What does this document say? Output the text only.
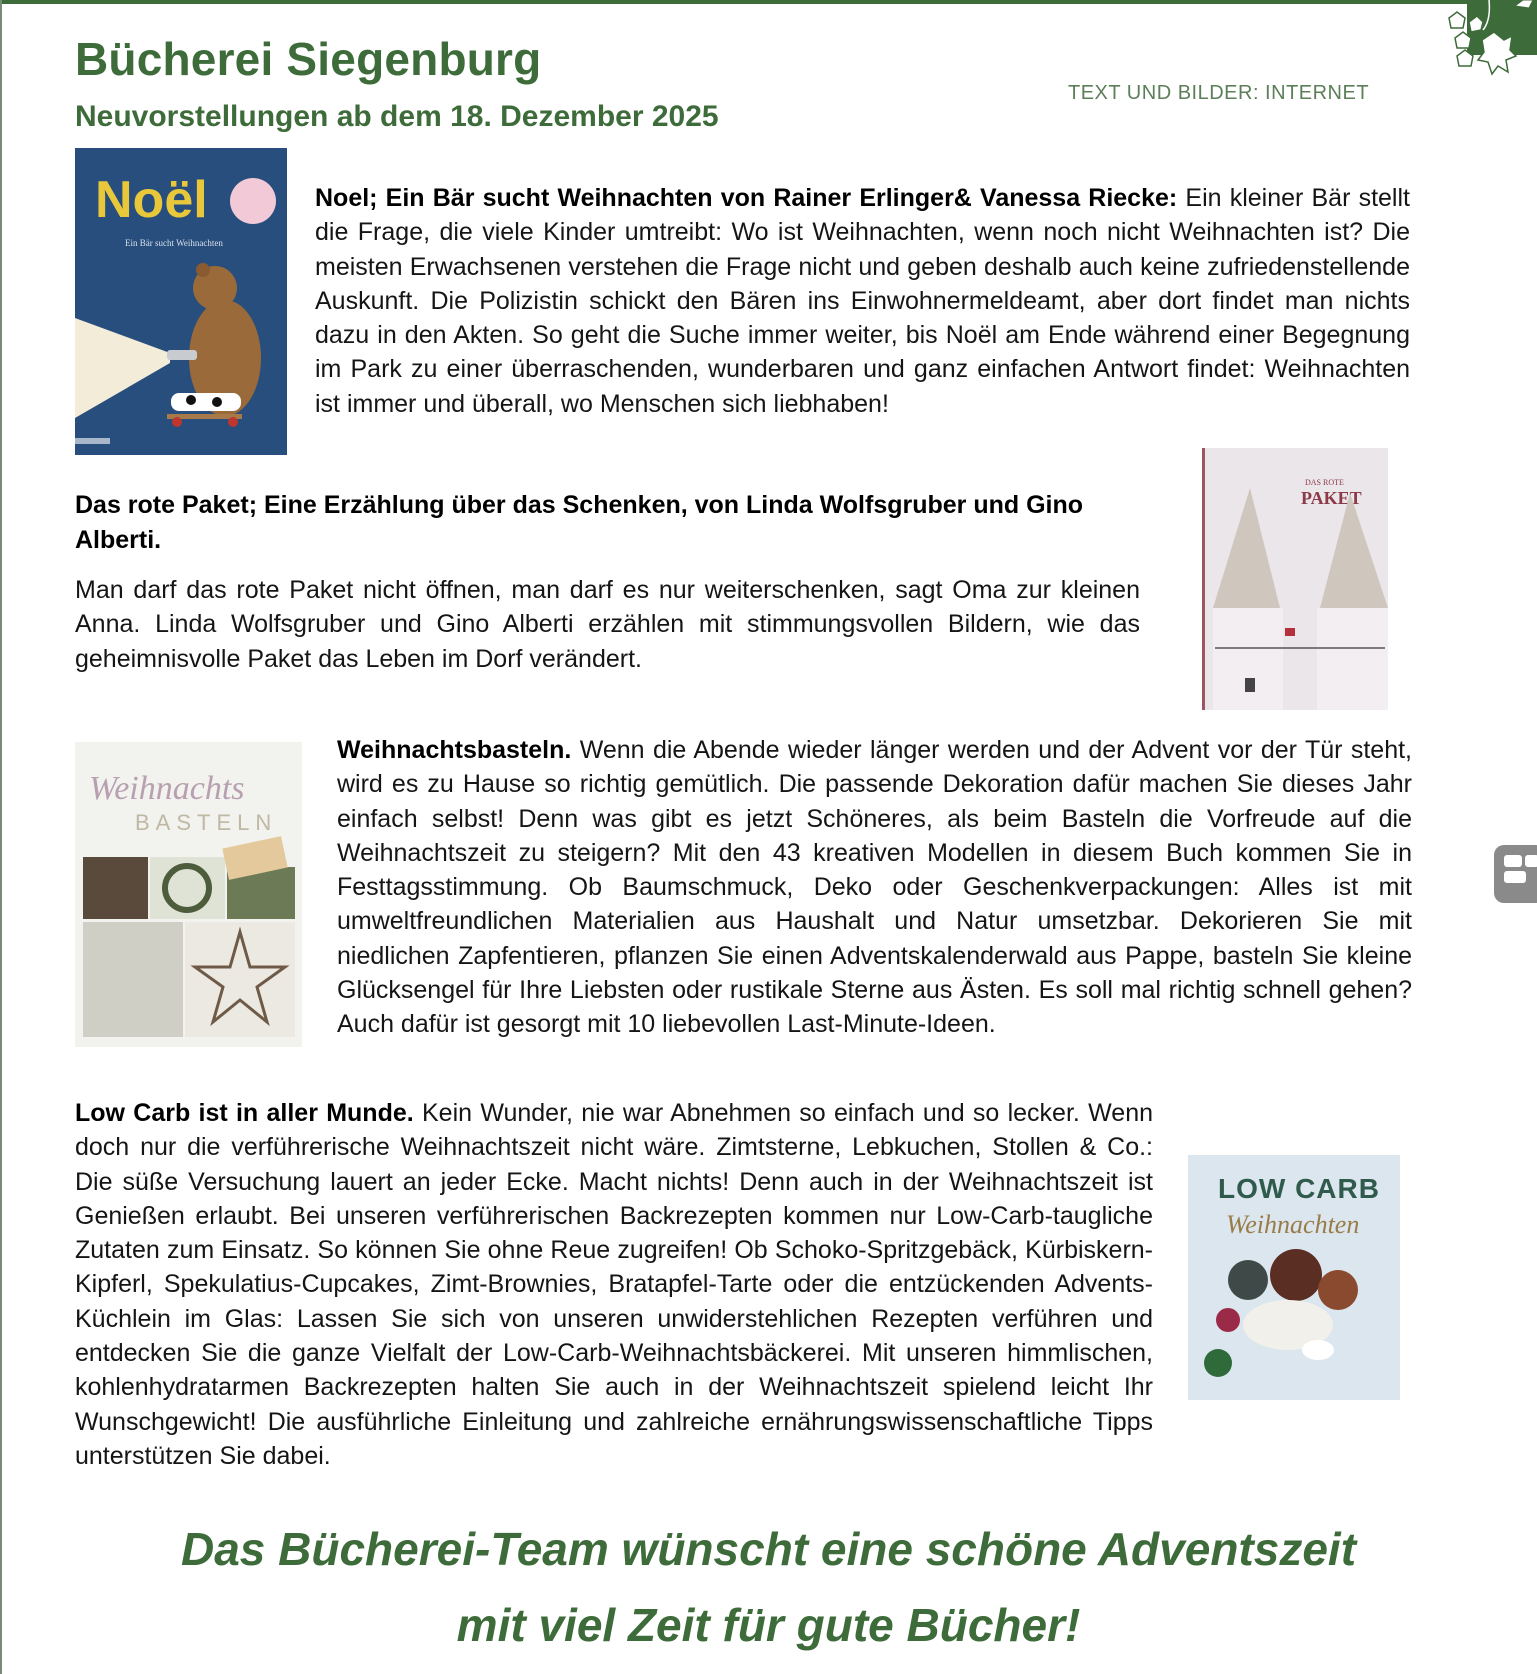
Bücherei Siegenburg
Neuvorstellungen ab dem 18. Dezember 2025
TEXT UND BILDER: INTERNET
Noël
Ein Bär sucht Weihnachten

Noel; Ein Bär sucht Weihnachten von Rainer Erlinger& Vanessa Riecke: Ein kleiner Bär stellt die Frage, die viele Kinder umtreibt: Wo ist Weihnachten, wenn noch nicht Weihnachten ist? Die meisten Erwachsenen verstehen die Frage nicht und geben deshalb auch keine zufriedenstellende Auskunft. Die Polizistin schickt den Bären ins Einwohnermeldeamt, aber dort findet man nichts dazu in den Akten. So geht die Suche immer weiter, bis Noël am Ende während einer Begegnung im Park zu einer überraschenden, wunderbaren und ganz einfachen Antwort findet: Weihnachten ist immer und überall, wo Menschen sich liebhaben!

Das rote Paket; Eine Erzählung über das Schenken, von Linda Wolfsgruber und Gino Alberti.

Man darf das rote Paket nicht öffnen, man darf es nur weiterschenken, sagt Oma zur kleinen Anna. Linda Wolfsgruber und Gino Alberti erzählen mit stimmungsvollen Bildern, wie das geheimnisvolle Paket das Leben im Dorf verändert.

DAS ROTE
PAKET
Weihnachts
BASTELN

Weihnachtsbasteln. Wenn die Abende wieder länger werden und der Advent vor der Tür steht, wird es zu Hause so richtig gemütlich. Die passende Dekoration dafür machen Sie dieses Jahr einfach selbst! Denn was gibt es jetzt Schöneres, als beim Basteln die Vorfreude auf die Weihnachtszeit zu steigern? Mit den 43 kreativen Modellen in diesem Buch kommen Sie in Festtagsstimmung. Ob Baumschmuck, Deko oder Geschenkverpackungen: Alles ist mit umweltfreundlichen Materialien aus Haushalt und Natur umsetzbar. Dekorieren Sie mit niedlichen Zapfentieren, pflanzen Sie einen Adventskalenderwald aus Pappe, basteln Sie kleine Glücksengel für Ihre Liebsten oder rustikale Sterne aus Ästen. Es soll mal richtig schnell gehen? Auch dafür ist gesorgt mit 10 liebevollen Last-Minute-Ideen.

Low Carb ist in aller Munde. Kein Wunder, nie war Abnehmen so einfach und so lecker. Wenn doch nur die verführerische Weihnachtszeit nicht wäre. Zimtsterne, Lebkuchen, Stollen & Co.: Die süße Versuchung lauert an jeder Ecke. Macht nichts! Denn auch in der Weihnachtszeit ist Genießen erlaubt. Bei unseren verführerischen Backrezepten kommen nur Low-Carb-taugliche Zutaten zum Einsatz. So können Sie ohne Reue zugreifen! Ob Schoko-Spritzgebäck, Kürbiskern-Kipferl, Spekulatius-Cupcakes, Zimt-Brownies, Bratapfel-Tarte oder die entzückenden Advents-Küchlein im Glas: Lassen Sie sich von unseren unwiderstehlichen Rezepten verführen und entdecken Sie die ganze Vielfalt der Low-Carb-Weihnachtsbäckerei. Mit unseren himmlischen, kohlenhydratarmen Backrezepten halten Sie auch in der Weihnachtszeit spielend leicht Ihr Wunschgewicht! Die ausführliche Einleitung und zahlreiche ernährungswissenschaftliche Tipps unterstützen Sie dabei.

LOW CARB
Weihnachten

Das Bücherei-Team wünscht eine schöne Adventszeit

mit viel Zeit für gute Bücher!
